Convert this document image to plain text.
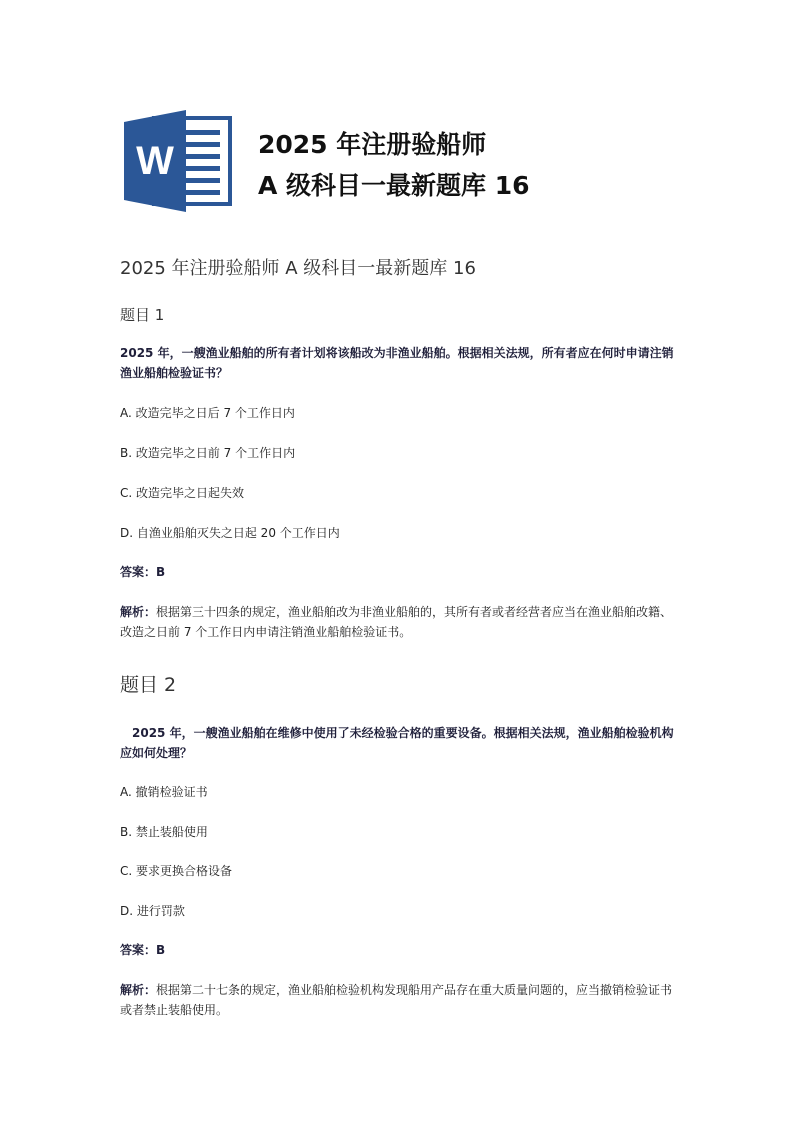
W	2025 年注册验船师
A 级科目一最新题库 16
2025 年注册验船师 A 级科目一最新题库 16
题目 1
2025 年，一艘渔业船舶的所有者计划将该船改为非渔业船舶。根据相关法规，所有者应在何时申请注销渔业船舶检验证书？
A. 改造完毕之日后 7 个工作日内
B. 改造完毕之日前 7 个工作日内
C. 改造完毕之日起失效
D. 自渔业船舶灭失之日起 20 个工作日内
答案：B
解析：根据第三十四条的规定，渔业船舶改为非渔业船舶的，其所有者或者经营者应当在渔业船舶改籍、改造之日前 7 个工作日内申请注销渔业船舶检验证书。
题目 2
　2025 年，一艘渔业船舶在维修中使用了未经检验合格的重要设备。根据相关法规，渔业船舶检验机构应如何处理？
A. 撤销检验证书
B. 禁止装船使用
C. 要求更换合格设备
D. 进行罚款
答案：B
解析：根据第二十七条的规定，渔业船舶检验机构发现船用产品存在重大质量问题的，应当撤销检验证书或者禁止装船使用。
